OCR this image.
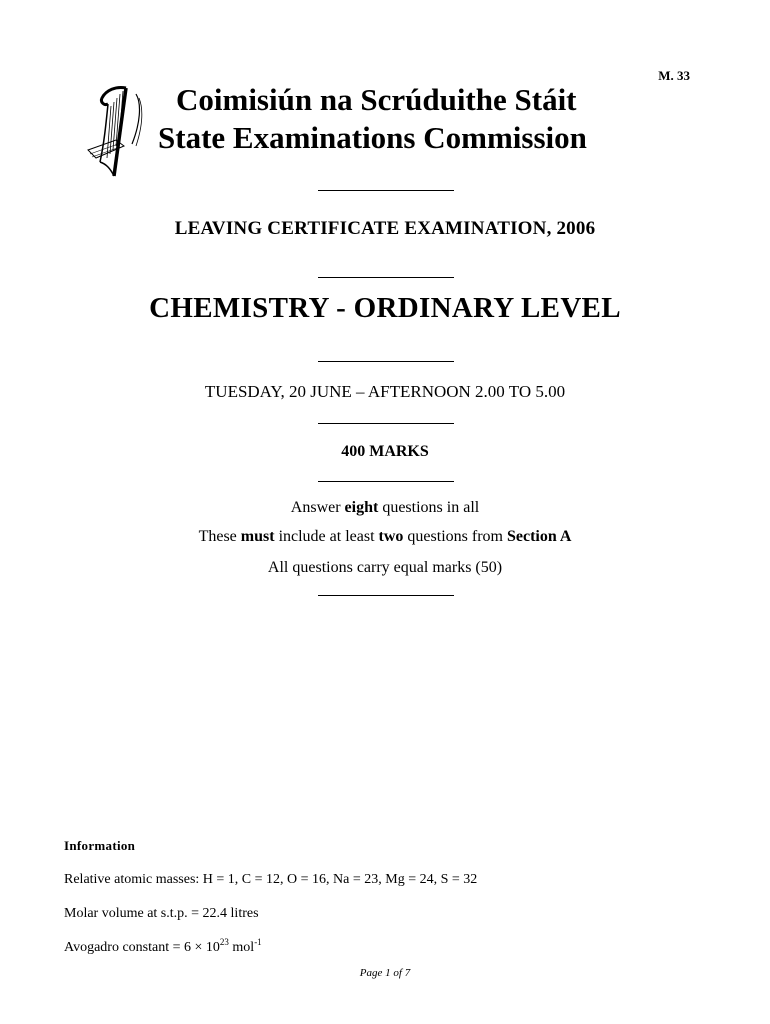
M. 33
Coimisiún na Scrúduithe Stáit
State Examinations Commission
LEAVING CERTIFICATE EXAMINATION, 2006
CHEMISTRY - ORDINARY LEVEL
TUESDAY, 20 JUNE – AFTERNOON 2.00 TO 5.00
400 MARKS
Answer eight questions in all
These must include at least two questions from Section A
All questions carry equal marks (50)
Information
Relative atomic masses: H = 1, C = 12, O = 16, Na = 23, Mg = 24, S = 32
Molar volume at s.t.p. = 22.4 litres
Avogadro constant = $6 \times 10^{23}$ mol$^{-1}$
Page 1 of 7
